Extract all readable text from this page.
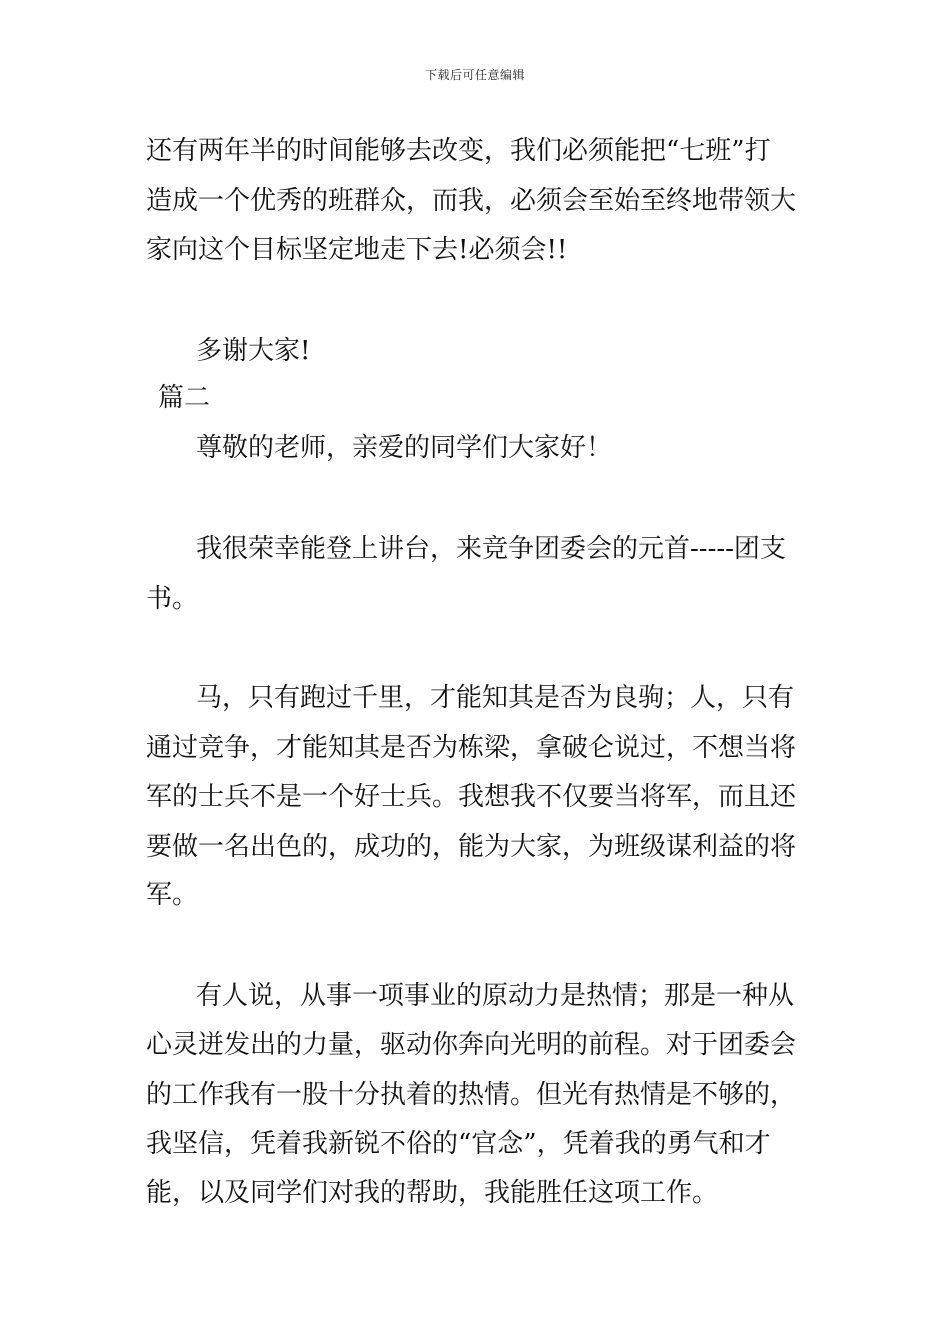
下载后可任意编辑
还有两年半的时间能够去改变，我们必须能把“七班”打
造成一个优秀的班群众，而我，必须会至始至终地带领大
家向这个目标坚定地走下去!必须会!!
多谢大家!
篇二
尊敬的老师，亲爱的同学们大家好！
我很荣幸能登上讲台，来竞争团委会的元首-----团支
书。
马，只有跑过千里，才能知其是否为良驹；人，只有
通过竞争，才能知其是否为栋梁，拿破仑说过，不想当将
军的士兵不是一个好士兵。我想我不仅要当将军，而且还
要做一名出色的，成功的，能为大家，为班级谋利益的将
军。
有人说，从事一项事业的原动力是热情；那是一种从
心灵迸发出的力量，驱动你奔向光明的前程。对于团委会
的工作我有一股十分执着的热情。但光有热情是不够的，
我坚信，凭着我新锐不俗的“官念”，凭着我的勇气和才
能，以及同学们对我的帮助，我能胜任这项工作。
